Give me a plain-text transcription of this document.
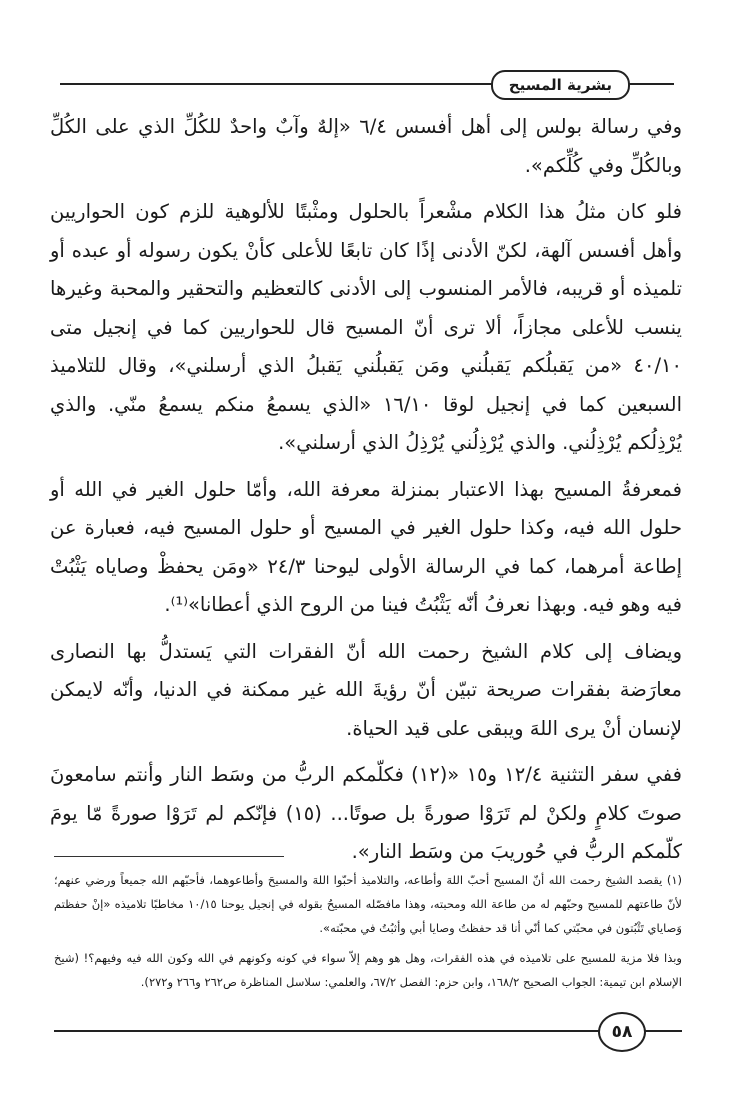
بشرية المسيح

وفي رسالة بولس إلى أهل أفسس ٦/٤ «إلهٌ وآبٌ واحدٌ للكُلِّ الذي على الكُلِّ وبالكُلِّ وفي كُلِّكم».

فلو كان مثلُ هذا الكلام مشْعراً بالحلول ومثْبتًا للألوهية للزم كون الحواريين وأهل أفسس آلهة، لكنّ الأدنى إذًا كان تابعًا للأعلى كأنْ يكون رسوله أو عبده أو تلميذه أو قريبه، فالأمر المنسوب إلى الأدنى كالتعظيم والتحقير والمحبة وغيرها ينسب للأعلى مجازاً، ألا ترى أنّ المسيح قال للحواريين كما في إنجيل متى ٤٠/١٠ «من يَقبلُكم يَقبلُني ومَن يَقبلُني يَقبلُ الذي أرسلني»، وقال للتلاميذ السبعين كما في إنجيل لوقا ١٦/١٠ «الذي يسمعُ منكم يسمعُ منّي. والذي يُرْذِلُكم يُرْذِلُني. والذي يُرْذِلُني يُرْذِلُ الذي أرسلني».

فمعرفةُ المسيح بهذا الاعتبار بمنزلة معرفة الله، وأمّا حلول الغير في الله أو حلول الله فيه، وكذا حلول الغير في المسيح أو حلول المسيح فيه، فعبارة عن إطاعة أمرهما، كما في الرسالة الأولى ليوحنا ٢٤/٣ «ومَن يحفظْ وصاياه يَثْبُتْ فيه وهو فيه. وبهذا نعرفُ أنّه يَثْبُتُ فينا من الروح الذي أعطانا»⁽¹⁾.

ويضاف إلى كلام الشيخ رحمت الله أنّ الفقرات التي يَستدلُّ بها النصارى معارَضة بفقرات صريحة تبيّن أنّ رؤيةَ الله غير ممكنة في الدنيا، وأنّه لايمكن لإنسان أنْ يرى اللهَ ويبقى على قيد الحياة.

ففي سفر التثنية ١٢/٤ و١٥ «(١٢) فكلّمكم الربُّ من وسَط النار وأنتم سامعونَ صوتَ كلامٍ ولكنْ لم تَرَوْا صورةً بل صوتًا... (١٥) فإنّكم لم تَرَوْا صورةً مّا يومَ كلّمكم الربُّ في حُوريبَ من وسَط النار».

(١) يقصد الشيخ رحمت الله أنّ المسيح أحبّ اللهَ وأطاعه، والتلاميذ أحبّوا اللهَ والمسيحَ وأطاعوهما، فأحبّهم الله جميعاً ورضي عنهم؛ لأنّ طاعتهم للمسيح وحبّهم له من طاعة الله ومحبته، وهذا مافصّله المسيحُ بقوله في إنجيل يوحنا ١٠/١٥ مخاطبًا تلاميذه «إنْ حفظتم وَصاياي تَثْبُتون في محبّتي كما أنّي أنا قد حفظتُ وصايا أبي وأثبُتُ في محبّته».

وبذا فلا مزية للمسيح على تلاميذه في هذه الفقرات، وهل هو وهم إلاّ سواء في كونه وكونهم في الله وكون الله فيه وفيهم؟! (شيخ الإسلام ابن تيمية: الجواب الصحيح ١٦٨/٢، وابن حزم: الفصل ٦٧/٢، والعلمي: سلاسل المناظرة ص٢٦٢ و٢٦٦ و٢٧٢).

٥٨
